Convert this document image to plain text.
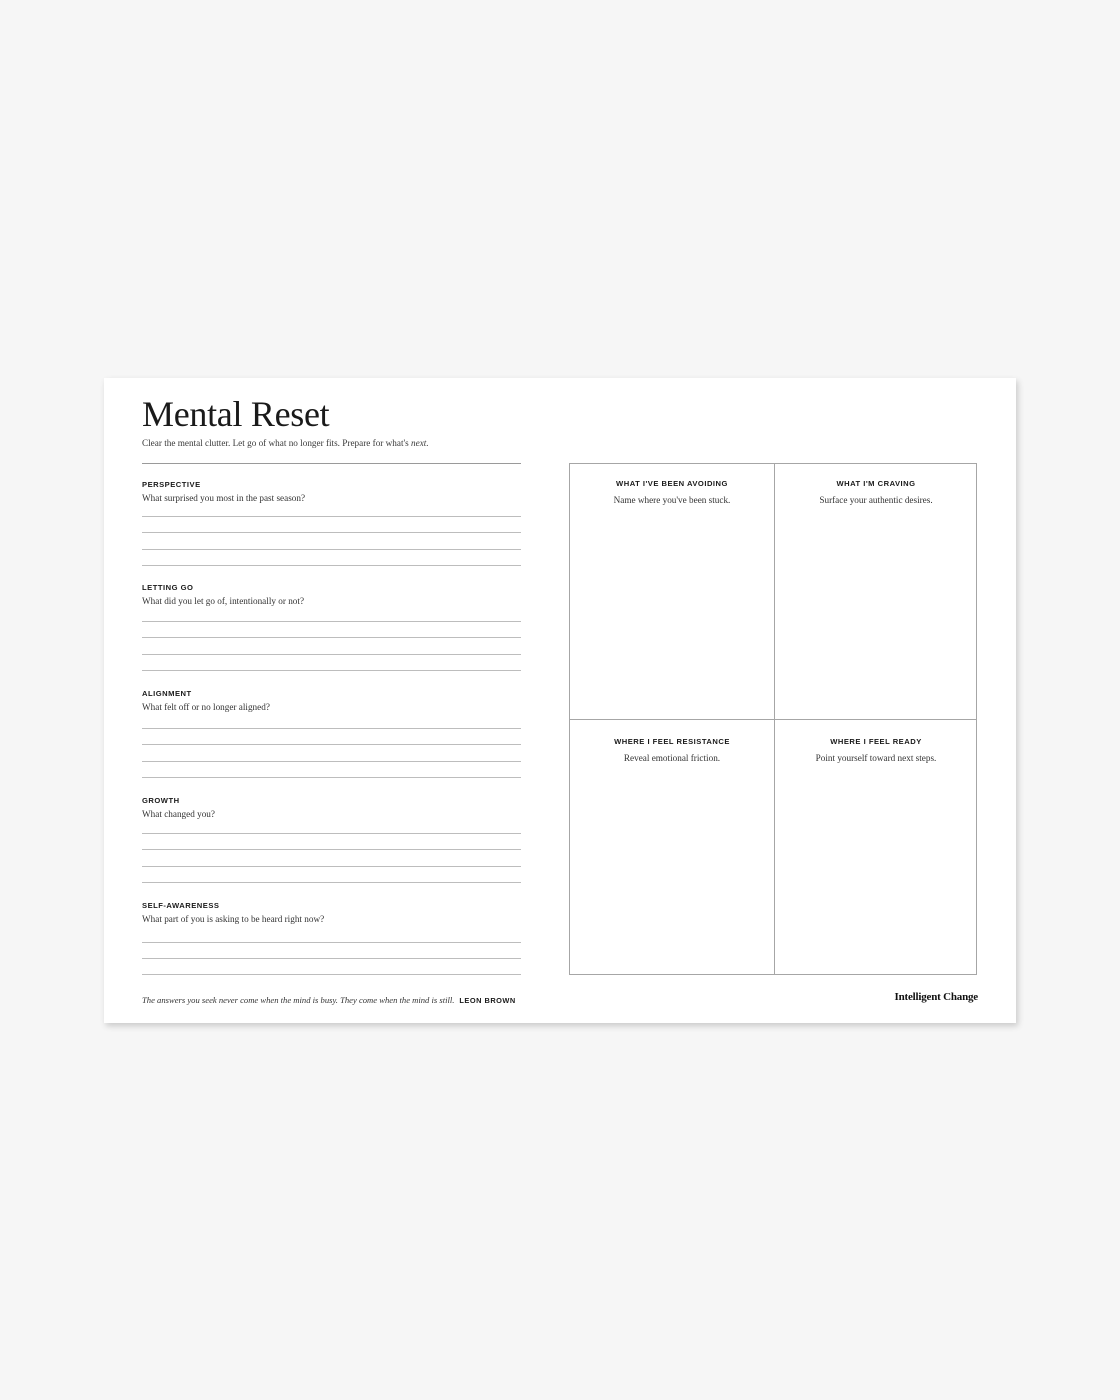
Mental Reset

Clear the mental clutter. Let go of what no longer fits. Prepare for what's next.

PERSPECTIVE
What surprised you most in the past season?
LETTING GO
What did you let go of, intentionally or not?
ALIGNMENT
What felt off or no longer aligned?
GROWTH
What changed you?
SELF-AWARENESS
What part of you is asking to be heard right now?
WHAT I'VE BEEN AVOIDING
Name where you've been stuck.
WHAT I'M CRAVING
Surface your authentic desires.
WHERE I FEEL RESISTANCE
Reveal emotional friction.
WHERE I FEEL READY
Point yourself toward next steps.
The answers you seek never come when the mind is busy. They come when the mind is still. LEON BROWN	Intelligent Change
